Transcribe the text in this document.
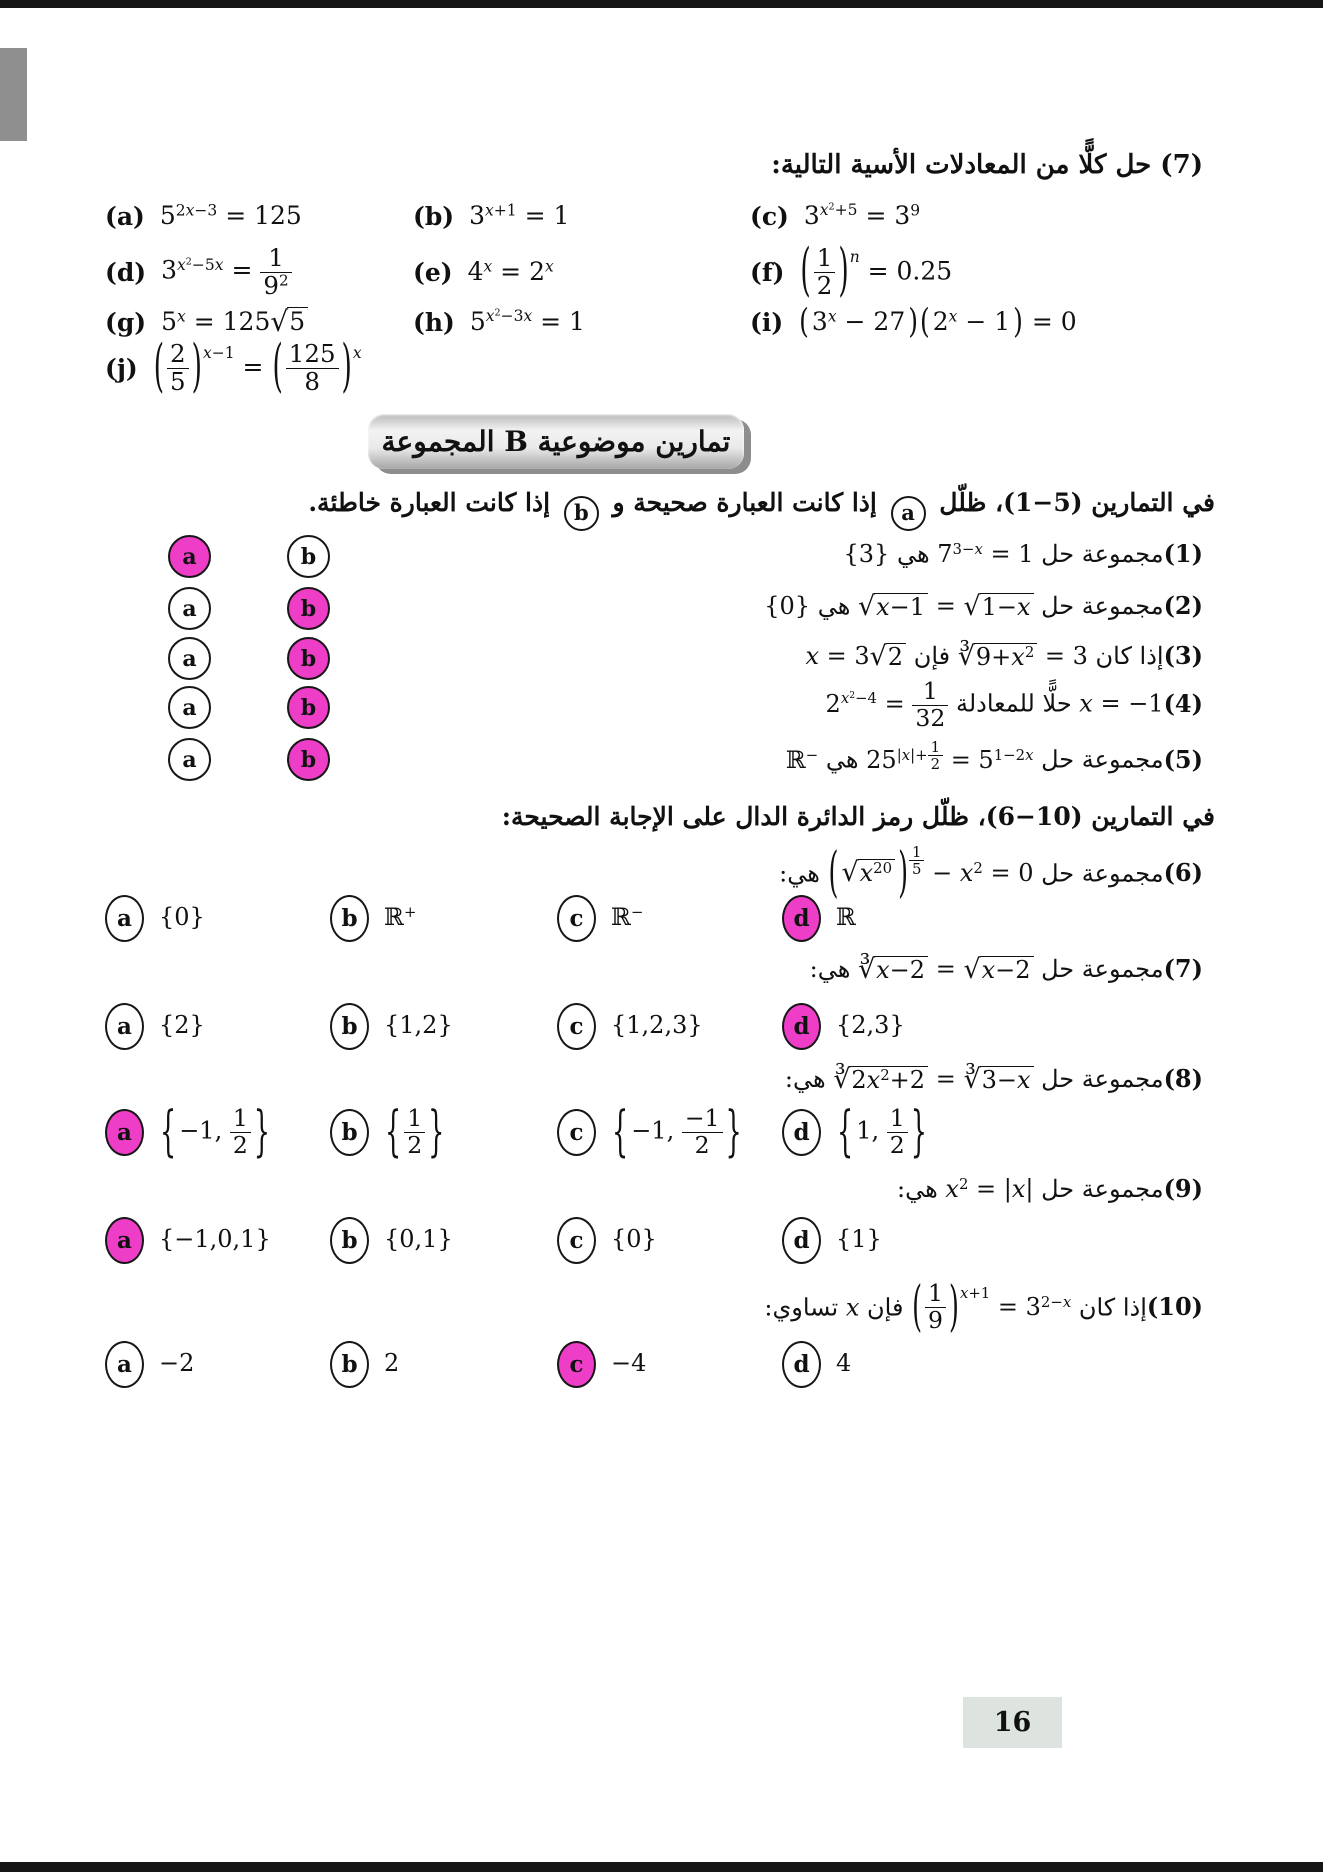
(7) حل كلًّا من المعادلات الأسية التالية:
(a) $5^{2x-3} = 125$	(b) $3^{x+1} = 1$	(c) $3^{x^2+5} = 3^9$
(d) $3^{x^2-5x} = \frac{1}{9^2}$	(e) $4^x = 2^x$	(f) ( $\frac{1}{2}$ ) $^n$ = 0.25
(g) $5^x = 125$ √ 5	(h) $5^{x^2-3x} = 1$	(i) ( $3^x - 27$ ) ( $2^x - 1$ ) = 0
(j) ( $\frac{2}{5}$ ) $^{x-1}$ = ( $\frac{125}{8}$ ) $^x$
المجموعة B تمارين موضوعية
في التمارين (1−5)، ظلّل a إذا كانت العبارة صحيحة و b إذا كانت العبارة خاطئة.
(1)مجموعة حل $7^{3-x} = 1$ هي {3}
a	b
(2)مجموعة حل
√ x−1 = √ 1−x
هي {0}
a	b
(3)إذا كان
∛ $9+x^2 = 3$ فإن x = 3 √ 2
a	b
(4)x = −1 حلًّا للمعادلة $2^{x^2-4} = \frac{1}{32}$
a	b
(5)مجموعة حل $25^{|x|+ \frac{1}{2}} = 5^{1-2x}$ هي ℝ−
a	b
في التمارين (6−10)، ظلّل رمز الدائرة الدال على الإجابة الصحيحة:
(6)مجموعة حل
( √ $x^{20}$ ) $^{\frac{1}{5}} - x^2 = 0$ هي:
a	{0}	b	ℝ+	c	ℝ−	d	ℝ
(7)مجموعة حل
∛ x−2 = √ x−2
هي:
a	{2}	b	{1,2}	c	{1,2,3}	d	{2,3}
(8)مجموعة حل
∛ $2x^2+2$ = ∛ 3−x
هي:
a	{ −1, $\frac{1}{2}$ }	b	{ $\frac{1}{2}$ }	c	{ −1, $\frac{-1}{2}$ }	d	{ 1, $\frac{1}{2}$ }
(9)مجموعة حل $x^2 = |x|$ هي:
a	{−1,0,1}	b	{0,1}	c	{0}	d	{1}
(10)إذا كان
( $\frac{1}{9}$ ) $^{x+1} = 3^{2-x}$ فإن x تساوي:
a	−2	b	2	c	−4	d	4
16
